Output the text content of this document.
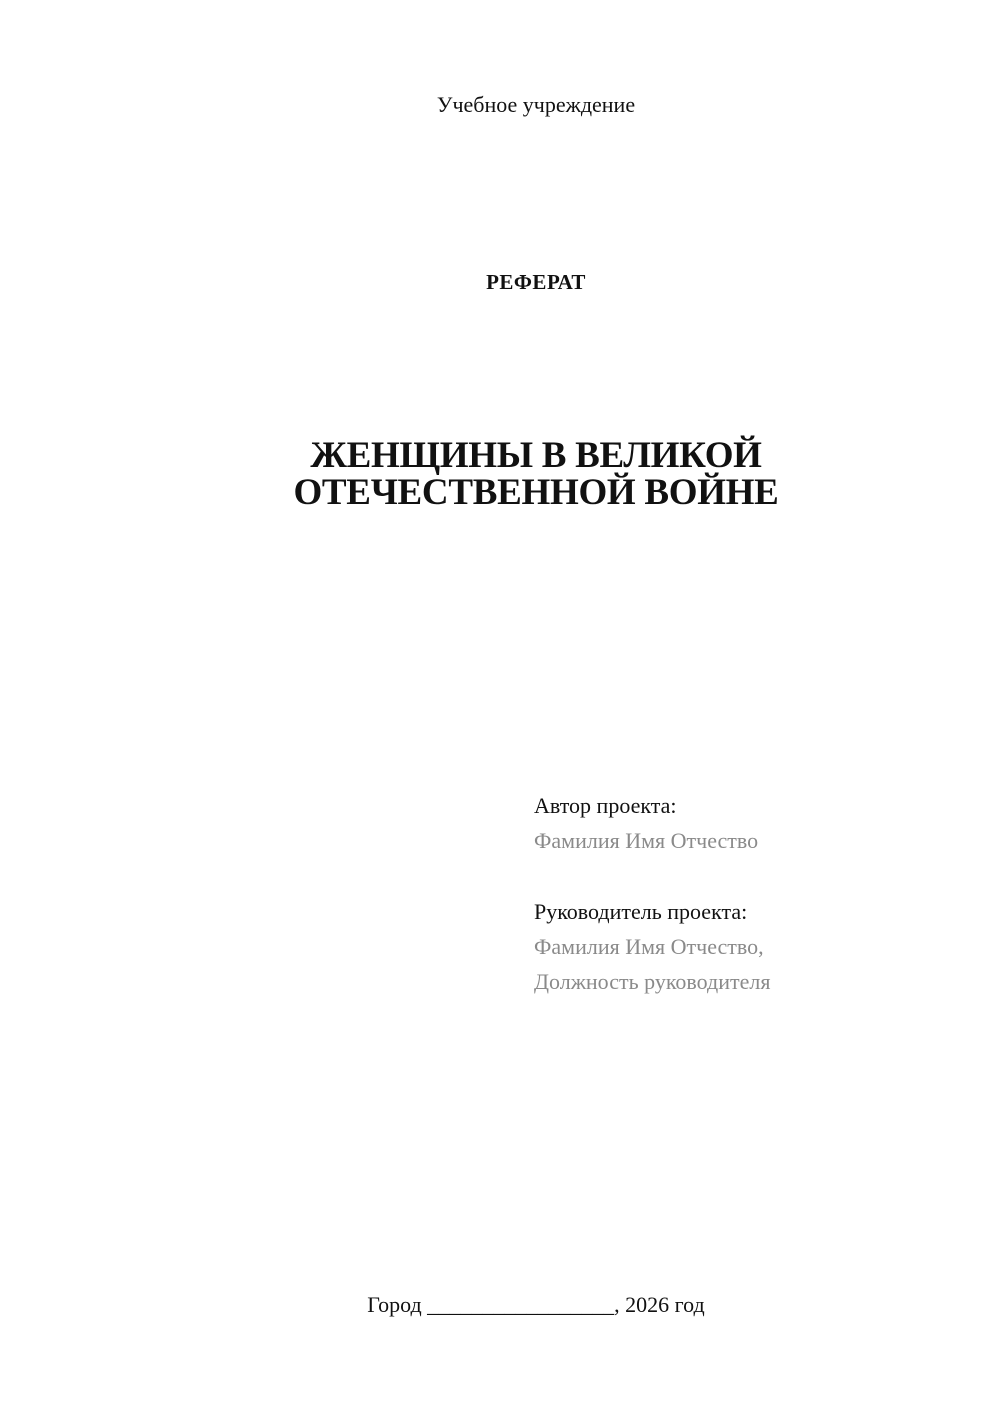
Учебное учреждение
РЕФЕРАТ
ЖЕНЩИНЫ В ВЕЛИКОЙ
ОТЕЧЕСТВЕННОЙ ВОЙНЕ
Автор проекта:
Фамилия Имя Отчество
Руководитель проекта:
Фамилия Имя Отчество,
Должность руководителя
Город _________________, 2026 год
